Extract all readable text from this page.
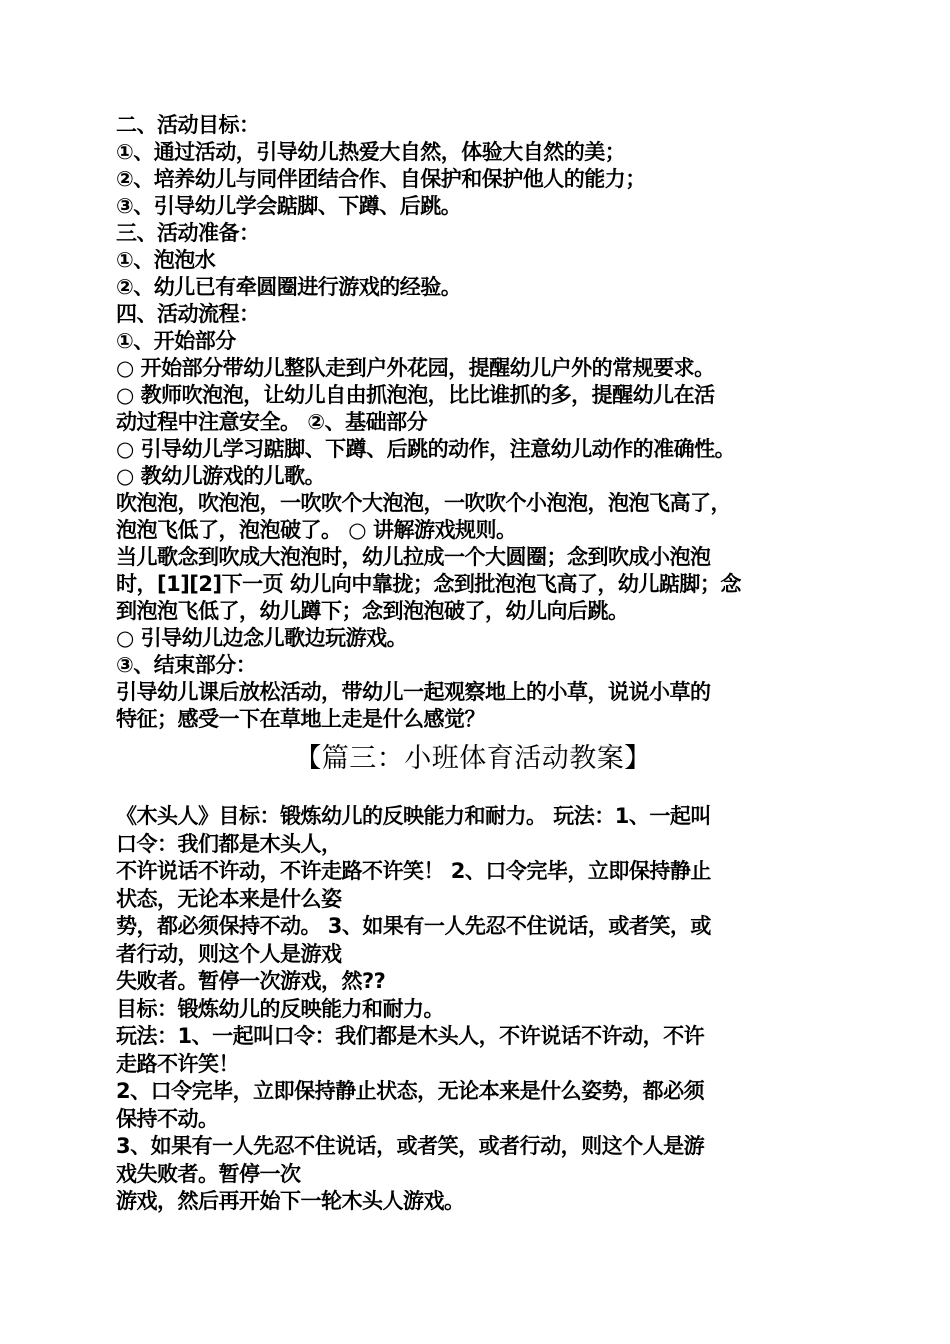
二、活动目标：
①、通过活动，引导幼儿热爱大自然，体验大自然的美；
②、培养幼儿与同伴团结合作、自保护和保护他人的能力；
③、引导幼儿学会踮脚、下蹲、后跳。
三、活动准备：
①、泡泡水
②、幼儿已有牵圆圈进行游戏的经验。
四、活动流程：
①、开始部分
○ 开始部分带幼儿整队走到户外花园，提醒幼儿户外的常规要求。
○ 教师吹泡泡，让幼儿自由抓泡泡，比比谁抓的多，提醒幼儿在活
动过程中注意安全。 ②、基础部分
○ 引导幼儿学习踮脚、下蹲、后跳的动作，注意幼儿动作的准确性。
○ 教幼儿游戏的儿歌。
吹泡泡，吹泡泡，一吹吹个大泡泡，一吹吹个小泡泡，泡泡飞高了，
泡泡飞低了，泡泡破了。 ○ 讲解游戏规则。
当儿歌念到吹成大泡泡时，幼儿拉成一个大圆圈；念到吹成小泡泡
时，[1][2]下一页 幼儿向中靠拢；念到批泡泡飞高了，幼儿踮脚；念
到泡泡飞低了，幼儿蹲下；念到泡泡破了，幼儿向后跳。
○ 引导幼儿边念儿歌边玩游戏。
③、结束部分：
引导幼儿课后放松活动，带幼儿一起观察地上的小草，说说小草的
特征；感受一下在草地上走是什么感觉？
【篇三：小班体育活动教案】
《木头人》目标：锻炼幼儿的反映能力和耐力。 玩法：1、一起叫
口令：我们都是木头人，
不许说话不许动，不许走路不许笑！ 2、口令完毕，立即保持静止
状态，无论本来是什么姿
势，都必须保持不动。 3、如果有一人先忍不住说话，或者笑，或
者行动，则这个人是游戏
失败者。暂停一次游戏，然??
目标：锻炼幼儿的反映能力和耐力。
玩法：1、一起叫口令：我们都是木头人，不许说话不许动，不许
走路不许笑！
2、口令完毕，立即保持静止状态，无论本来是什么姿势，都必须
保持不动。
3、如果有一人先忍不住说话，或者笑，或者行动，则这个人是游
戏失败者。暂停一次
游戏，然后再开始下一轮木头人游戏。
